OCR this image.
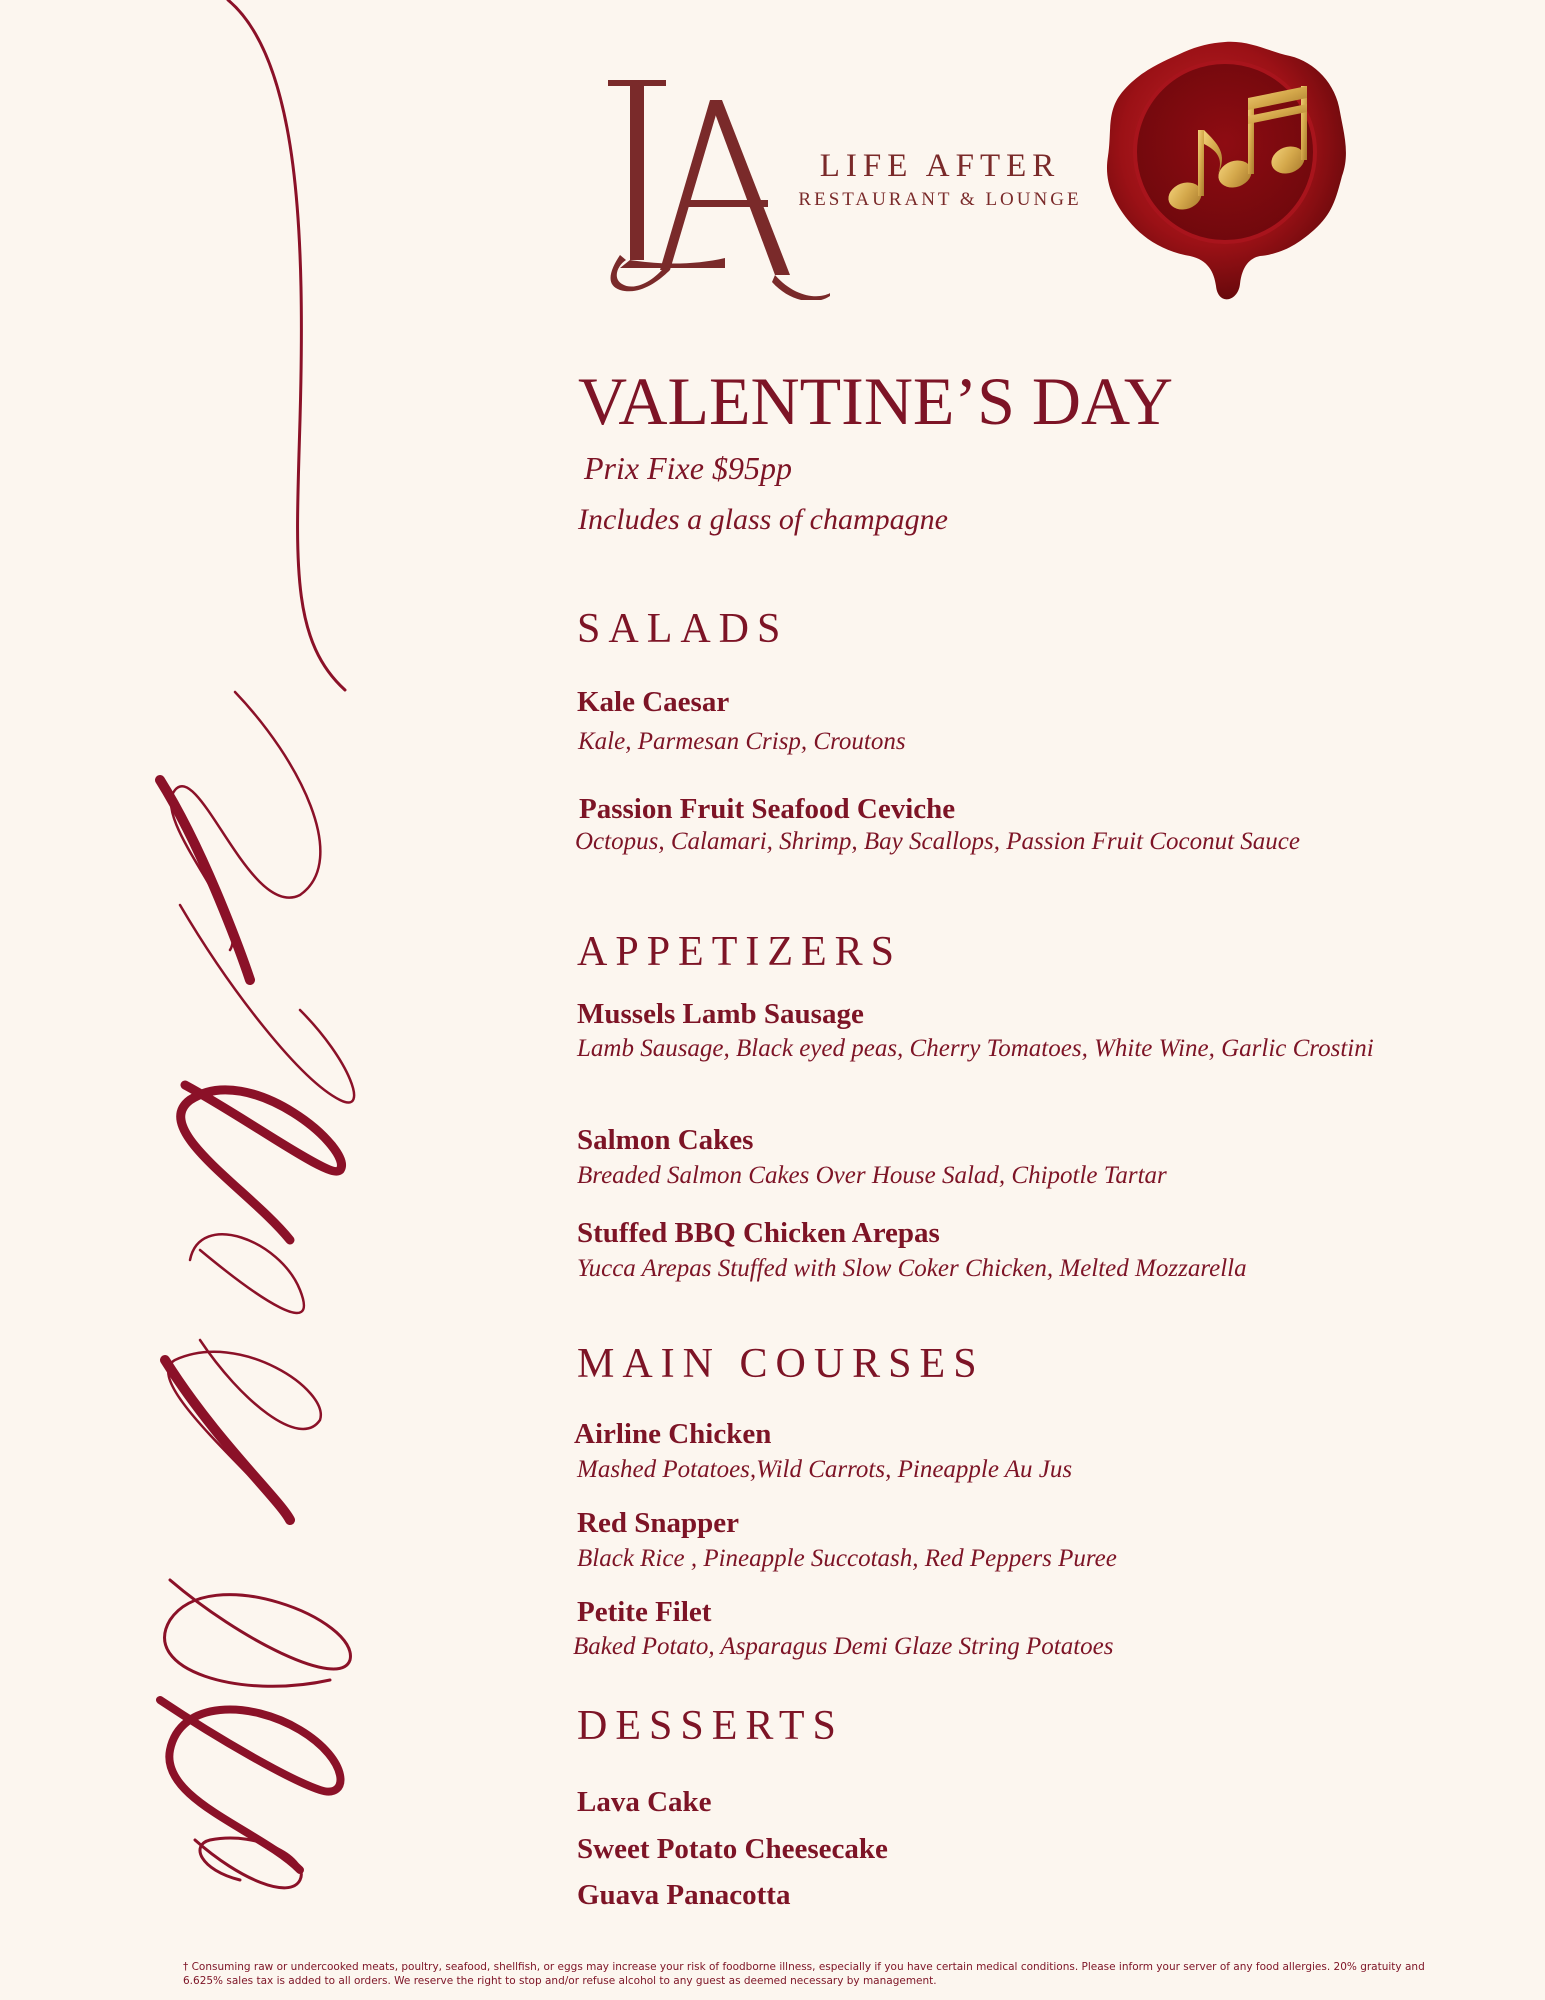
LIFE AFTER
RESTAURANT & LOUNGE
VALENTINE’S DAY
Prix Fixe $95pp
Includes a glass of champagne
SALADS
Kale Caesar
Kale, Parmesan Crisp, Croutons
Passion Fruit Seafood Ceviche
Octopus, Calamari, Shrimp, Bay Scallops, Passion Fruit Coconut Sauce
APPETIZERS
Mussels Lamb Sausage
Lamb Sausage, Black eyed peas, Cherry Tomatoes, White Wine, Garlic Crostini
Salmon Cakes
Breaded Salmon Cakes Over House Salad, Chipotle Tartar
Stuffed BBQ Chicken Arepas
Yucca Arepas Stuffed with Slow Coker Chicken, Melted Mozzarella
MAIN COURSES
Airline Chicken
Mashed Potatoes,Wild Carrots, Pineapple Au Jus
Red Snapper
Black Rice , Pineapple Succotash, Red Peppers Puree
Petite Filet
Baked Potato, Asparagus Demi Glaze String Potatoes
DESSERTS
Lava Cake
Sweet Potato Cheesecake
Guava Panacotta
† Consuming raw or undercooked meats, poultry, seafood, shellfish, or eggs may increase your risk of foodborne illness, especially if you have certain medical conditions. Please inform your server of any food allergies. 20% gratuity and 6.625% sales tax is added to all orders. We reserve the right to stop and/or refuse alcohol to any guest as deemed necessary by management.
